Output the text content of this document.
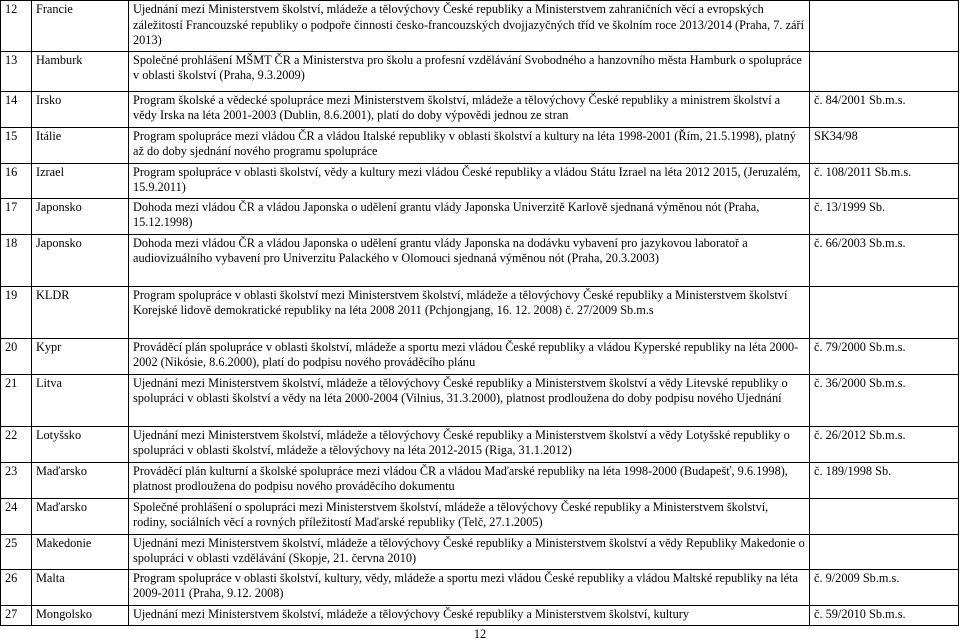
12	Francie	Ujednání mezi Ministerstvem školství, mládeže a tělovýchovy České republiky a Ministerstvem zahraničních věcí a evropských záležitostí Francouzské republiky o podpoře činnosti česko-francouzských dvojjazyčných tříd ve školním roce 2013/2014 (Praha, 7. září 2013)	
13	Hamburk	Společné prohlášení MŠMT ČR a Ministerstva pro školu a profesní vzdělávání Svobodného a hanzovního města Hamburk o spolupráce v oblasti školství (Praha, 9.3.2009)	
14	Irsko	Program školské a vědecké spolupráce mezi Ministerstvem školství, mládeže a tělovýchovy České republiky a ministrem školství a vědy Irska na léta 2001-2003 (Dublin, 8.6.2001), platí do doby výpovědi jednou ze stran	č. 84/2001 Sb.m.s.
15	Itálie	Program spolupráce mezi vládou ČR a vládou Italské republiky v oblasti školství a kultury na léta 1998-2001 (Řím, 21.5.1998), platný až do doby sjednání nového programu spolupráce	SK34/98
16	Izrael	Program spolupráce v oblasti školství, vědy a kultury mezi vládou České republiky a vládou Státu Izrael na léta 2012 2015, (Jeruzalém, 15.9.2011)	č. 108/2011 Sb.m.s.
17	Japonsko	Dohoda mezi vládou ČR a vládou Japonska o udělení grantu vlády Japonska Univerzitě Karlově sjednaná výměnou nót (Praha, 15.12.1998)	č. 13/1999 Sb.
18	Japonsko	Dohoda mezi vládou ČR a vládou Japonska o udělení grantu vlády Japonska na dodávku vybavení pro jazykovou laboratoř a audiovizuálního vybavení pro Univerzitu Palackého v Olomouci sjednaná výměnou nót (Praha, 20.3.2003)	č. 66/2003 Sb.m.s.
19	KLDR	Program spolupráce v oblasti školství mezi Ministerstvem školství, mládeže a tělovýchovy České republiky a Ministerstvem školství Korejské lidově demokratické republiky na léta 2008 2011 (Pchjongjang, 16. 12. 2008) č. 27/2009 Sb.m.s	
20	Kypr	Prováděcí plán spolupráce v oblasti školství, mládeže a sportu mezi vládou České republiky a vládou Kyperské republiky na léta 2000-2002 (Nikósie, 8.6.2000), platí do podpisu nového prováděcího plánu	č. 79/2000 Sb.m.s.
21	Litva	Ujednání mezi Ministerstvem školství, mládeže a tělovýchovy České republiky a Ministerstvem školství a vědy Litevské republiky o spolupráci v oblasti školství a vědy na léta 2000-2004 (Vilnius, 31.3.2000), platnost prodloužena do doby podpisu nového Ujednání	č. 36/2000 Sb.m.s.
22	Lotyšsko	Ujednání mezi Ministerstvem školství, mládeže a tělovýchovy České republiky a Ministerstvem školství a vědy Lotyšské republiky o spolupráci v oblasti školství, mládeže a tělovýchovy na léta 2012-2015 (Riga, 31.1.2012)	č. 26/2012 Sb.m.s.
23	Maďarsko	Prováděcí plán kulturní a školské spolupráce mezi vládou ČR a vládou Maďarské republiky na léta 1998-2000 (Budapešť, 9.6.1998), platnost prodloužena do podpisu nového prováděcího dokumentu	č. 189/1998 Sb.
24	Maďarsko	Společné prohlášení o spolupráci mezi Ministerstvem školství, mládeže a tělovýchovy České republiky a Ministerstvem školství, rodiny, sociálních věcí a rovných příležitostí Maďarské republiky (Telč, 27.1.2005)	
25	Makedonie	Ujednání mezi Ministerstvem školství, mládeže a tělovýchovy České republiky a Ministerstvem školství a vědy Republiky Makedonie o spolupráci v oblasti vzdělávání (Skopje, 21. června 2010)	
26	Malta	Program spolupráce v oblasti školství, kultury, vědy, mládeže a sportu mezi vládou České republiky a vládou Maltské republiky na léta 2009-2011 (Praha, 9.12. 2008)	č. 9/2009 Sb.m.s.
27	Mongolsko	Ujednání mezi Ministerstvem školství, mládeže a tělovýchovy České republiky a Ministerstvem školství, kultury	č. 59/2010 Sb.m.s.
12
